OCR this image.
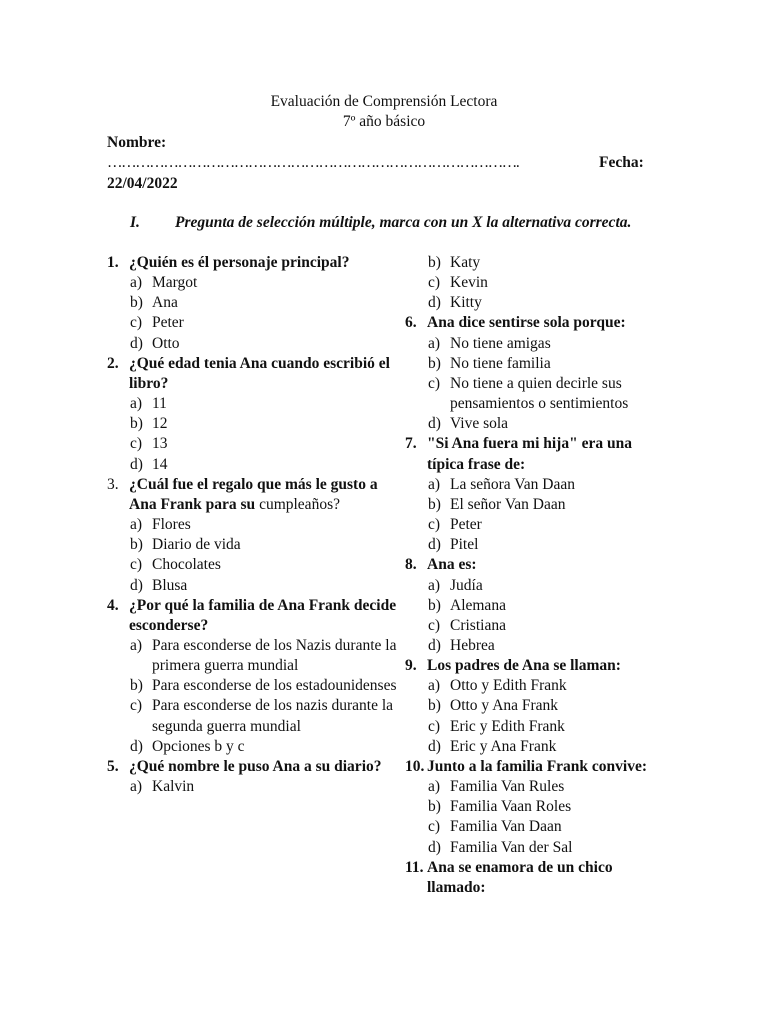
Evaluación de Comprensión Lectora
7º año básico
Nombre:
…………………………………………………………………………….	Fecha:
22/04/2022
I. Pregunta de selección múltiple, marca con un X la alternativa correcta.
1. ¿Quién es él personaje principal?
a) Margot
b) Ana
c) Peter
d) Otto
2. ¿Qué edad tenia Ana cuando escribió el libro?
a) 11
b) 12
c) 13
d) 14
3. ¿Cuál fue el regalo que más le gusto a Ana Frank para su cumpleaños?
a) Flores
b) Diario de vida
c) Chocolates
d) Blusa
4. ¿Por qué la familia de Ana Frank decide esconderse?
a) Para esconderse de los Nazis durante la primera guerra mundial
b) Para esconderse de los estadounidenses
c) Para esconderse de los nazis durante la segunda guerra mundial
d) Opciones b y c
5. ¿Qué nombre le puso Ana a su diario?
a) Kalvin
b) Katy
c) Kevin
d) Kitty
6. Ana dice sentirse sola porque:
a) No tiene amigas
b) No tiene familia
c) No tiene a quien decirle sus pensamientos o sentimientos
d) Vive sola
7. "Si Ana fuera mi hija" era una típica frase de:
a) La señora Van Daan
b) El señor Van Daan
c) Peter
d) Pitel
8. Ana es:
a) Judía
b) Alemana
c) Cristiana
d) Hebrea
9. Los padres de Ana se llaman:
a) Otto y Edith Frank
b) Otto y Ana Frank
c) Eric y Edith Frank
d) Eric y Ana Frank
10. Junto a la familia Frank convive:
a) Familia Van Rules
b) Familia Vaan Roles
c) Familia Van Daan
d) Familia Van der Sal
11. Ana se enamora de un chico llamado:
